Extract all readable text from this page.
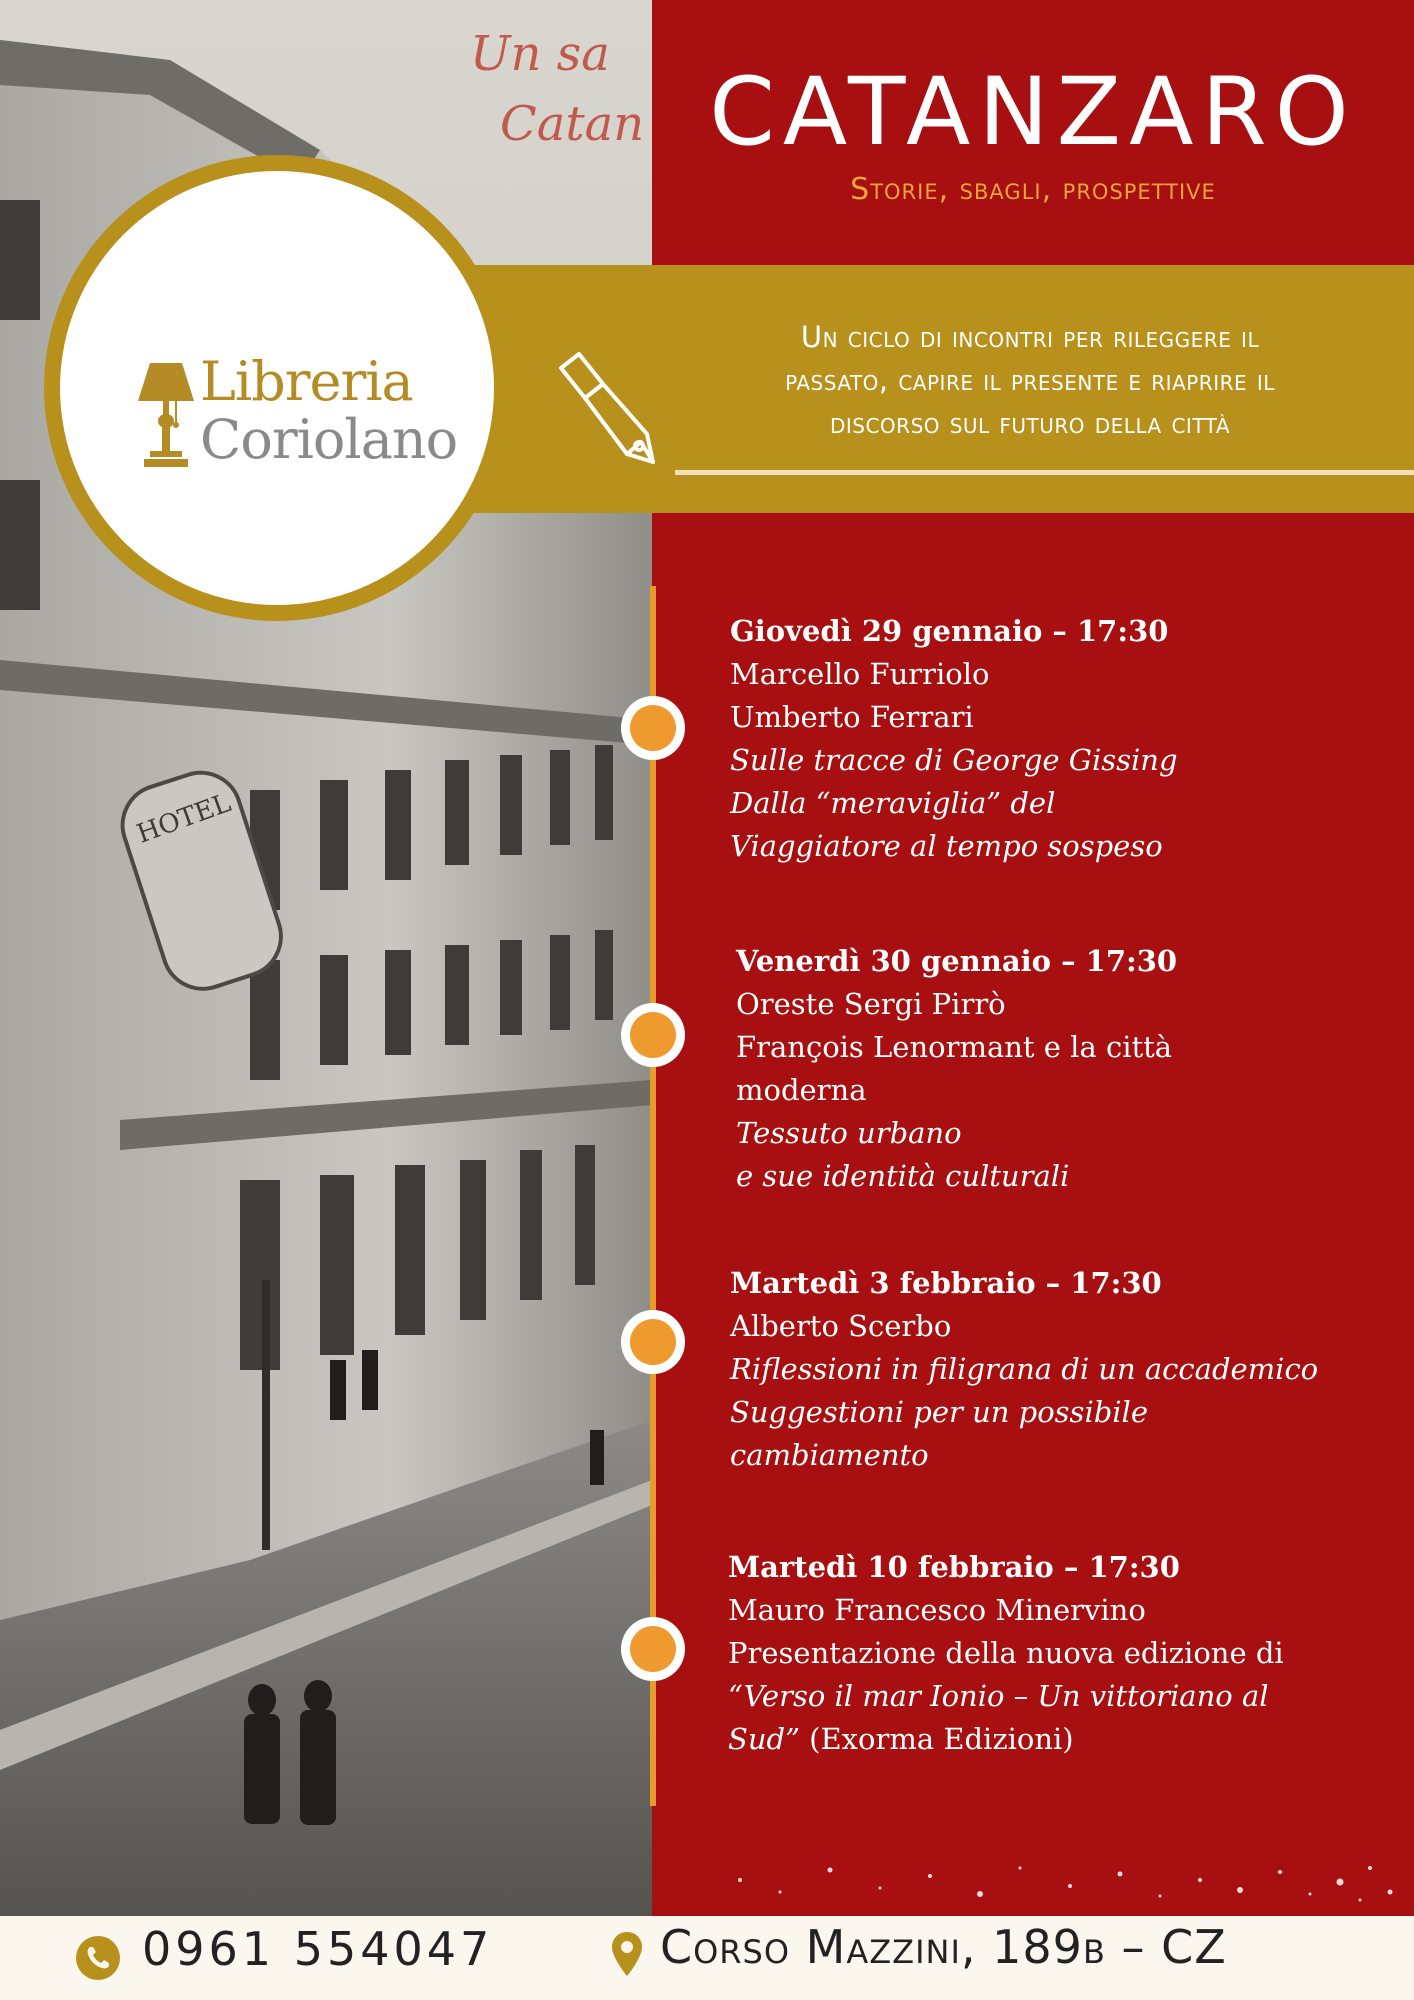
HOTEL
Un sa
Catan CATANZARO
Storie, sbagli, prospettive
Un ciclo di incontri per rileggere il
passato, capire il presente e riaprire il
discorso sul futuro della città
Libreria
Coriolano

Giovedì 29 gennaio – 17:30

Marcello Furriolo

Umberto Ferrari

Sulle tracce di George Gissing

Dalla “meraviglia” del

Viaggiatore al tempo sospeso

Venerdì 30 gennaio – 17:30

Oreste Sergi Pirrò

François Lenormant e la città

moderna

Tessuto urbano

e sue identità culturali

Martedì 3 febbraio – 17:30

Alberto Scerbo

Riflessioni in filigrana di un accademico

Suggestioni per un possibile

cambiamento

Martedì 10 febbraio – 17:30

Mauro Francesco Minervino

Presentazione della nuova edizione di

“Verso il mar Ionio – Un vittoriano al

Sud” (Exorma Edizioni)

0961 554047	Corso Mazzini, 189b – CZ
